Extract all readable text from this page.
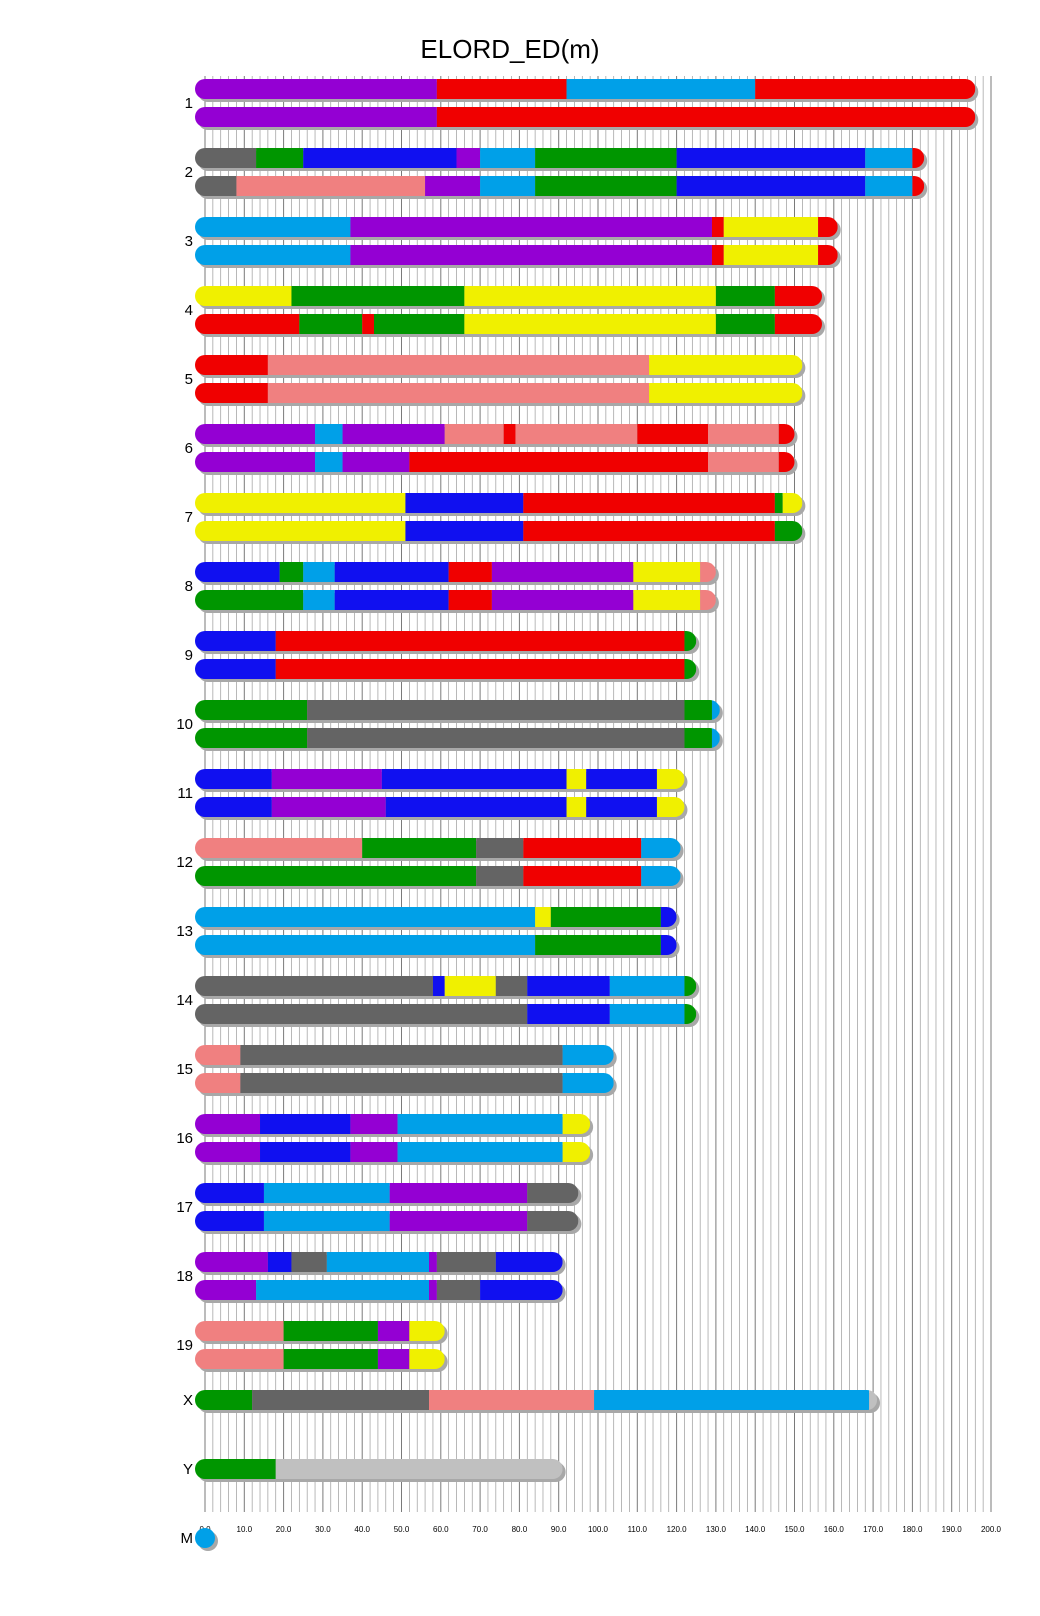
ELORD_ED(m)
10.0	20.0	30.0	40.0	50.0	60.0	70.0	80.0	90.0	100.0 110.0 120.0 130.0 140.0 150.0 160.0 170.0 180.0 190.0 200.0
1
2
3
4
5
6
7
8
9
10
11
12
13
14
15
16
17
18
19
X
Y
M
